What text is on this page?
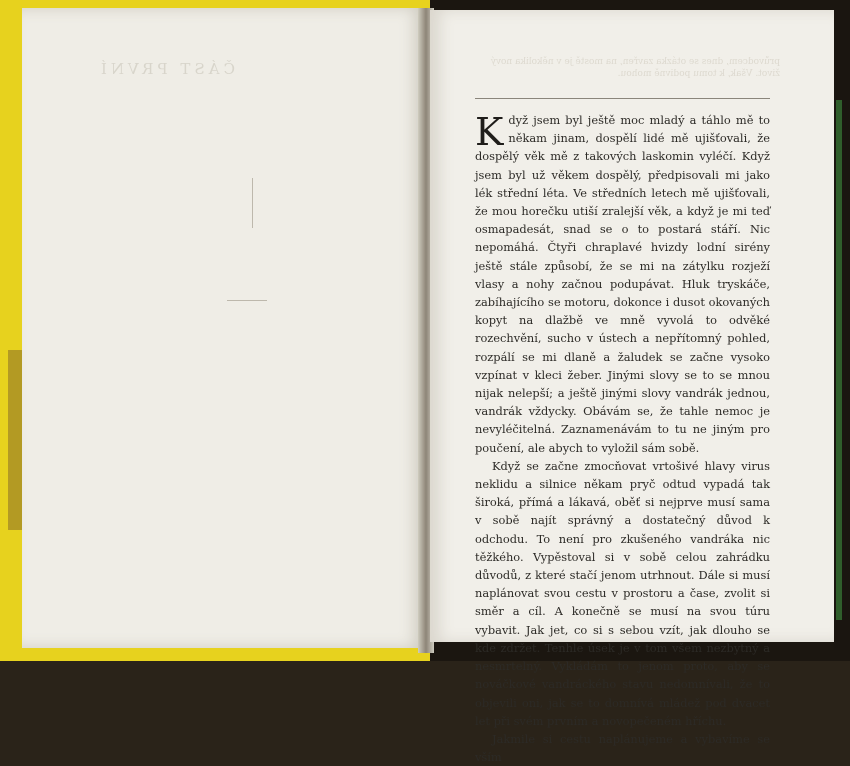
ČÁST PRVNÍ	průvodcem, dnes se otázka zavřen, na mostě je v několika nový život. Však, k tomu podivně mohou.

Když jsem byl ještě moc mladý a táhlo mě to někam jinam, dospělí lidé mě ujišťovali, že dospělý věk mě z takových laskomin vyléčí. Když jsem byl už věkem dospělý, předpisovali mi jako lék střední léta. Ve středních letech mě ujišťovali, že mou horečku utiší zralejší věk, a když je mi teď osmapadesát, snad se o to postará stáří. Nic nepomáhá. Čtyři chraplavé hvizdy lodní sirény ještě stále způsobí, že se mi na zátylku rozježí vlasy a nohy začnou podupávat. Hluk tryskáče, zabíhajícího se motoru, dokonce i dusot okovaných kopyt na dlažbě ve mně vyvolá to odvěké rozechvění, sucho v ústech a nepřítomný pohled, rozpálí se mi dlaně a žaludek se začne vysoko vzpínat v kleci žeber. Jinými slovy se to se mnou nijak nelepší; a ještě jinými slovy vandrák jednou, vandrák vždycky. Obávám se, že tahle nemoc je nevyléčitelná. Zaznamenávám to tu ne jiným pro poučení, ale abych to vyložil sám sobě.

Když se začne zmocňovat vrtošivé hlavy virus neklidu a silnice někam pryč odtud vypadá tak široká, přímá a lákavá, oběť si nejprve musí sama v sobě najít správný a dostatečný důvod k odchodu. To není pro zkušeného vandráka nic těžkého. Vypěstoval si v sobě celou zahrádku důvodů, z které stačí jenom utrhnout. Dále si musí naplánovat svou cestu v prostoru a čase, zvolit si směr a cíl. A konečně se musí na svou túru vybavit. Jak jet, co si s sebou vzít, jak dlouho se kde zdržet. Tenhle úsek je v tom všem nezbytný a nesmrtelný. Vykládám to jenom proto, aby se nováčkové vandráckého stavu nedomnívali, že to objevili oni, jak se to domnívá mládež pod dvacet let při svém prvním a novopečeném hříchu.

Jakmile si cestu naplánujeme a vybavíme se vším
